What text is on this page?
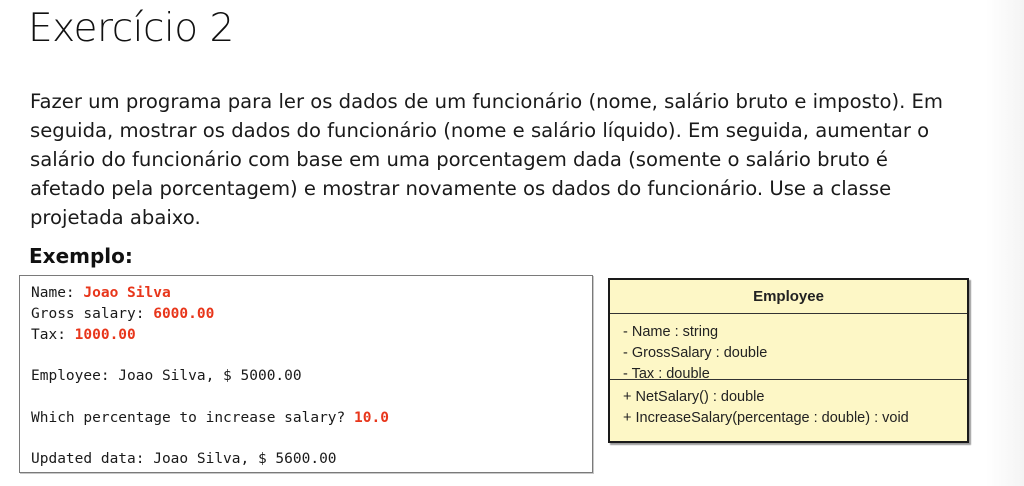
Exercício 2
Fazer um programa para ler os dados de um funcionário (nome, salário bruto e imposto). Em
seguida, mostrar os dados do funcionário (nome e salário líquido). Em seguida, aumentar o
salário do funcionário com base em uma porcentagem dada (somente o salário bruto é
afetado pela porcentagem) e mostrar novamente os dados do funcionário. Use a classe
projetada abaixo.
Exemplo:
Name: Joao Silva
Gross salary: 6000.00
Tax: 1000.00
Employee: Joao Silva, $ 5000.00
Which percentage to increase salary? 10.0
Updated data: Joao Silva, $ 5600.00
Employee
- Name : string
- GrossSalary : double
- Tax : double
+ NetSalary() : double
+ IncreaseSalary(percentage : double) : void
